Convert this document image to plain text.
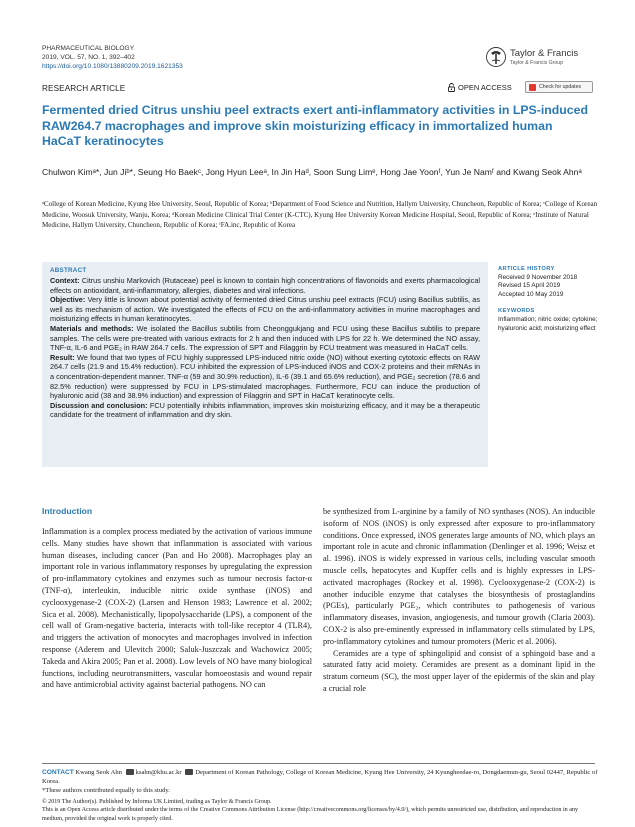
PHARMACEUTICAL BIOLOGY
2019, VOL. 57, NO. 1, 392–402
https://doi.org/10.1080/13880209.2019.1621353
Taylor & Francis
Taylor & Francis Group
RESEARCH ARTICLE	OPEN ACCESS	Check for updates
Fermented dried Citrus unshiu peel extracts exert anti-inflammatory activities in LPS-induced RAW264.7 macrophages and improve skin moisturizing efficacy in immortalized human HaCaT keratinocytes
Chulwon Kimᵃ*, Jun Jiᵇ*, Seung Ho Baekᶜ, Jong Hyun Leeᵃ, In Jin Haᵈ, Soon Sung Limᵉ, Hong Jae Yoonᶠ, Yun Je Namᶠ and Kwang Seok Ahnᵃ
ᵃCollege of Korean Medicine, Kyung Hee University, Seoul, Republic of Korea; ᵇDepartment of Food Science and Nutrition, Hallym University, Chuncheon, Republic of Korea; ᶜCollege of Korean Medicine, Woosuk University, Wanju, Korea; ᵈKorean Medicine Clinical Trial Center (K-CTC), Kyung Hee University Korean Medicine Hospital, Seoul, Republic of Korea; ᵉInstitute of Natural Medicine, Hallym University, Chuncheon, Republic of Korea; ᶠFA.inc, Republic of Korea
ABSTRACT

Context: Citrus unshiu Markovich (Rutaceae) peel is known to contain high concentrations of flavonoids and exerts pharmacological effects on antioxidant, anti-inflammatory, allergies, diabetes and viral infections.

Objective: Very little is known about potential activity of fermented dried Citrus unshiu peel extracts (FCU) using Bacillus subtilis, as well as its mechanism of action. We investigated the effects of FCU on the anti-inflammatory activities in murine macrophages and moisturizing effects in human keratinocytes.

Materials and methods: We isolated the Bacillus subtilis from Cheonggukjang and FCU using these Bacillus subtilis to prepare samples. The cells were pre-treated with various extracts for 2 h and then induced with LPS for 22 h. We determined the NO assay, TNF-α, IL-6 and PGE₂ in RAW 264.7 cells. The expression of SPT and Filaggrin by FCU treatment was measured in HaCaT cells.

Result: We found that two types of FCU highly suppressed LPS-induced nitric oxide (NO) without exerting cytotoxic effects on RAW 264.7 cells (21.9 and 15.4% reduction). FCU inhibited the expression of LPS-induced iNOS and COX-2 proteins and their mRNAs in a concentration-dependent manner. TNF-α (59 and 30.9% reduction), IL-6 (39.1 and 65.6% reduction), and PGE₂ secretion (78.6 and 82.5% reduction) were suppressed by FCU in LPS-stimulated macrophages. Furthermore, FCU can induce the production of hyaluronic acid (38 and 38.9% induction) and expression of Filaggrin and SPT in HaCaT keratinocyte cells.

Discussion and conclusion: FCU potentially inhibits inflammation, improves skin moisturizing efficacy, and it may be a therapeutic candidate for the treatment of inflammation and dry skin.

ARTICLE HISTORY
Received 9 November 2018
Revised 15 April 2019
Accepted 10 May 2019
KEYWORDS
Inflammation; nitric oxide; cytokine; hyaluronic acid; moisturizing effect
Introduction

Inflammation is a complex process mediated by the activation of various immune cells. Many studies have shown that inflammation is associated with various human diseases, including cancer (Pan and Ho 2008). Macrophages play an important role in various inflammatory responses by upregulating the expression of pro-inflammatory cytokines and enzymes such as tumour necrosis factor-α (TNF-α), interleukin, inducible nitric oxide synthase (iNOS) and cyclooxygenase-2 (COX-2) (Larsen and Henson 1983; Lawrence et al. 2002; Sica et al. 2008). Mechanistically, lipopolysaccharide (LPS), a component of the cell wall of Gram-negative bacteria, interacts with toll-like receptor 4 (TLR4), and triggers the activation of monocytes and macrophages involved in infection response (Aderem and Ulevitch 2000; Saluk-Juszczak and Wachowicz 2005; Takeda and Akira 2005; Pan et al. 2008). Low levels of NO have many biological functions, including neurotransmitters, vascular homoeostasis and wound repair and have antimicrobial activity against bacterial pathogens. NO can

be synthesized from L-arginine by a family of NO synthases (NOS). An inducible isoform of NOS (iNOS) is only expressed after exposure to pro-inflammatory conditions. Once expressed, iNOS generates large amounts of NO, which plays an important role in acute and chronic inflammation (Denlinger et al. 1996; Weisz et al. 1996). iNOS is widely expressed in various cells, including vascular smooth muscle cells, hepatocytes and Kupffer cells and is highly expresses in LPS-activated macrophages (Rockey et al. 1998). Cyclooxygenase-2 (COX-2) is another inducible enzyme that catalyses the biosynthesis of prostaglandins (PGEs), particularly PGE₂, which contributes to pathogenesis of various inflammatory diseases, invasion, angiogenesis, and tumour growth (Claria 2003). COX-2 is also pre-eminently expressed in inflammatory cells stimulated by LPS, pro-inflammatory cytokines and tumour promoters (Meric et al. 2006).

Ceramides are a type of sphingolipid and consist of a sphingoid base and a saturated fatty acid moiety. Ceramides are present as a dominant lipid in the stratum corneum (SC), the most upper layer of the epidermis of the skin and play a crucial role

CONTACT Kwang Seok Ahn ksahn@khu.ac.kr Department of Korean Pathology, College of Korean Medicine, Kyung Hee University, 24 Kyungheedae-ro, Dongdaemun-gu, Seoul 02447, Republic of Korea.
*These authors contributed equally to this study.
© 2019 The Author(s). Published by Informa UK Limited, trading as Taylor & Francis Group.
This is an Open Access article distributed under the terms of the Creative Commons Attribution License (http://creativecommons.org/licenses/by/4.0/), which permits unrestricted use, distribution, and reproduction in any medium, provided the original work is properly cited.
